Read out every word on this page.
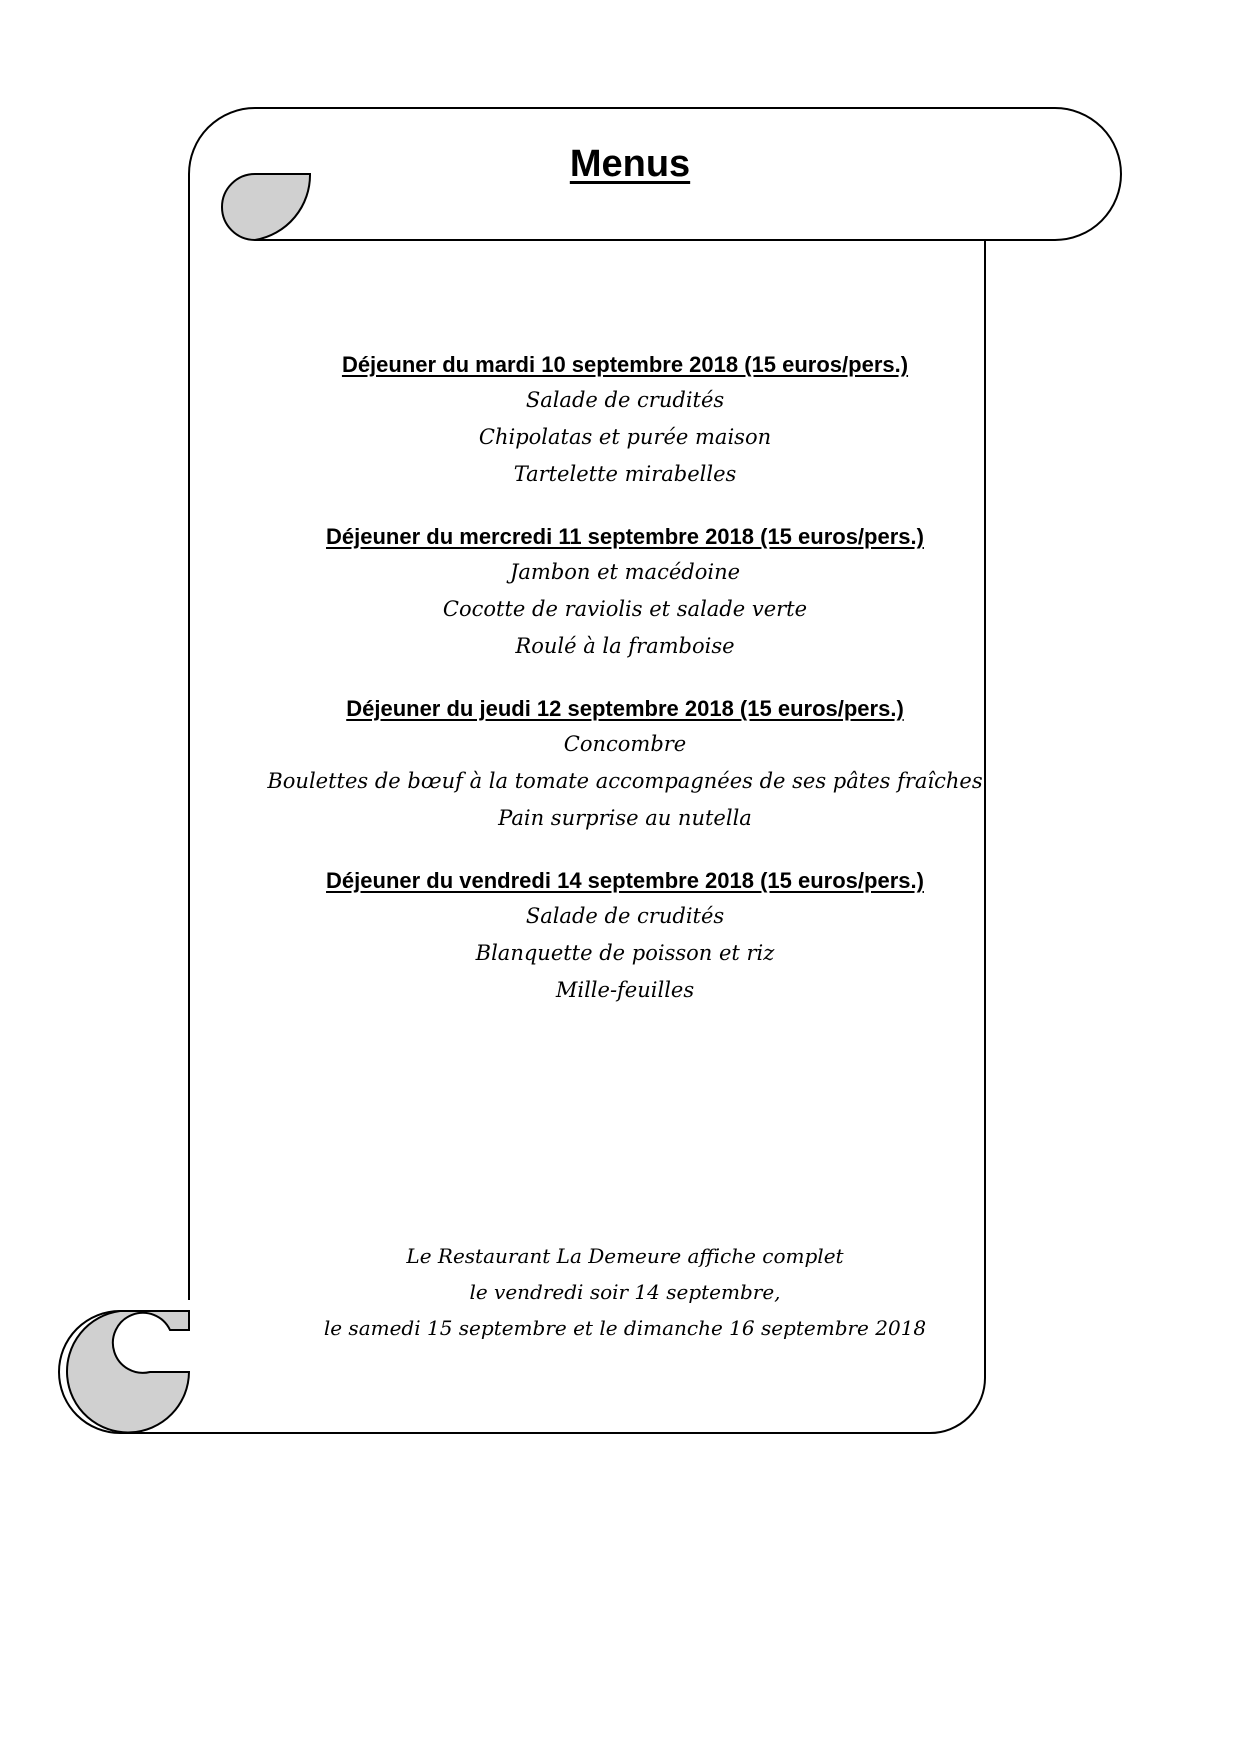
Menus

Déjeuner du mardi 10 septembre 2018 (15 euros/pers.)

Salade de crudités

Chipolatas et purée maison

Tartelette mirabelles

Déjeuner du mercredi 11 septembre 2018 (15 euros/pers.)

Jambon et macédoine

Cocotte de raviolis et salade verte

Roulé à la framboise

Déjeuner du jeudi 12 septembre 2018 (15 euros/pers.)

Concombre

Boulettes de bœuf à la tomate accompagnées de ses pâtes fraîches

Pain surprise au nutella

Déjeuner du vendredi 14 septembre 2018 (15 euros/pers.)

Salade de crudités

Blanquette de poisson et riz

Mille-feuilles

Le Restaurant La Demeure affiche complet

le vendredi soir 14 septembre,

le samedi 15 septembre et le dimanche 16 septembre 2018
